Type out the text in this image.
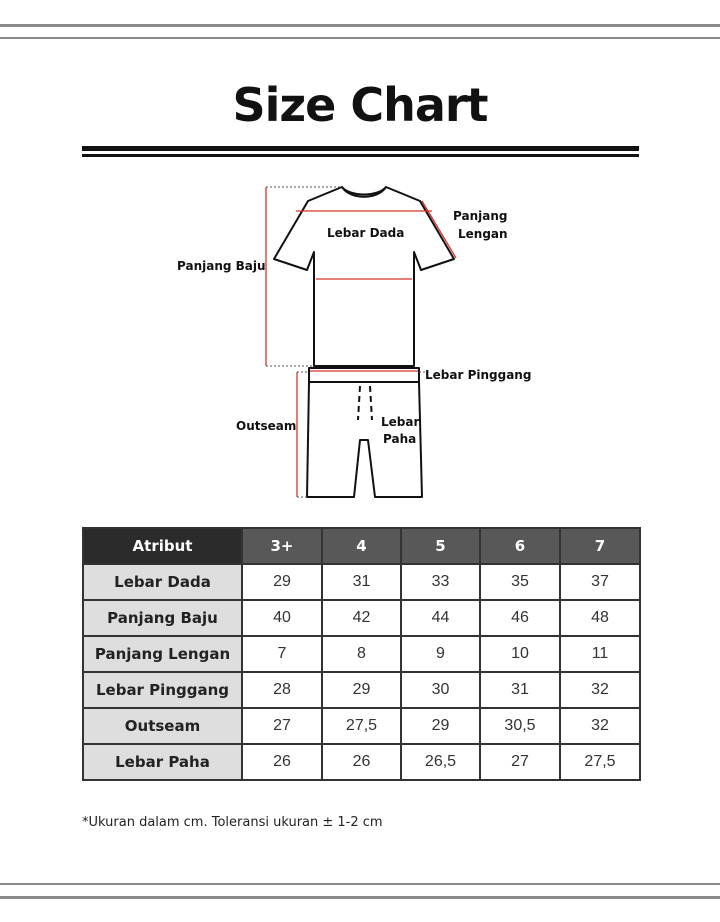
Size Chart
Lebar Dada
Panjang
Lengan
Panjang Baju
Lebar Pinggang
Outseam	Lebar
Paha
Atribut	3+	4	5	6	7
Lebar Dada	29	31	33	35	37
Panjang Baju	40	42	44	46	48
Panjang Lengan	7	8	9	10	11
Lebar Pinggang	28	29	30	31	32
Outseam	27	27,5	29	30,5	32
Lebar Paha	26	26	26,5	27	27,5
*Ukuran dalam cm. Toleransi ukuran ± 1-2 cm
